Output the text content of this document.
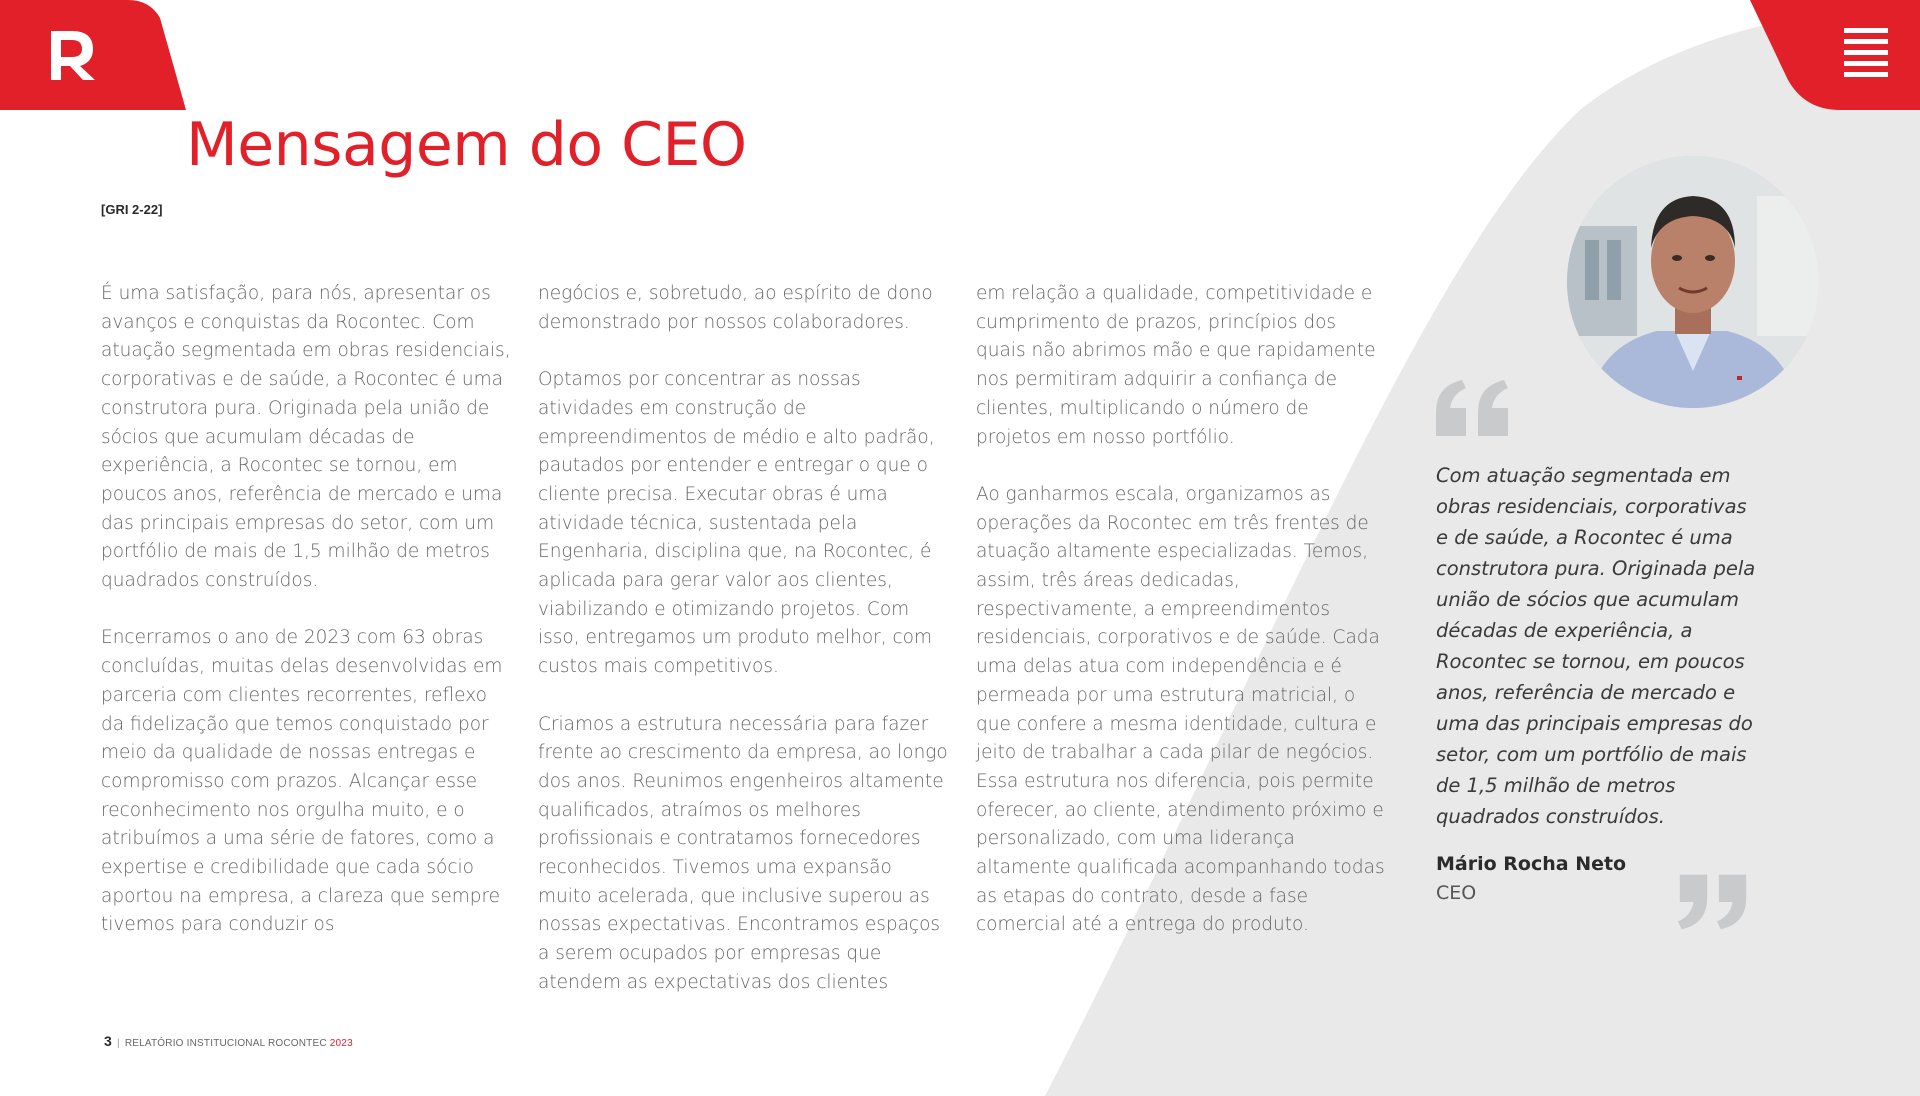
Mensagem do CEO
[GRI 2-22]

É uma satisfação, para nós, apresentar os avanços e conquistas da Rocontec. Com atuação segmentada em obras residenciais, corporativas e de saúde, a Rocontec é uma construtora pura. Originada pela união de sócios que acumulam décadas de experiência, a Rocontec se tornou, em poucos anos, referência de mercado e uma das principais empresas do setor, com um portfólio de mais de 1,5 milhão de metros quadrados construídos.

Encerramos o ano de 2023 com 63 obras concluídas, muitas delas desenvolvidas em parceria com clientes recorrentes, reflexo da fidelização que temos conquistado por meio da qualidade de nossas entregas e compromisso com prazos. Alcançar esse reconhecimento nos orgulha muito, e o atribuímos a uma série de fatores, como a expertise e credibilidade que cada sócio aportou na empresa, a clareza que sempre tivemos para conduzir os

negócios e, sobretudo, ao espírito de dono demonstrado por nossos colaboradores.

Optamos por concentrar as nossas atividades em construção de empreendimentos de médio e alto padrão, pautados por entender e entregar o que o cliente precisa. Executar obras é uma atividade técnica, sustentada pela Engenharia, disciplina que, na Rocontec, é aplicada para gerar valor aos clientes, viabilizando e otimizando projetos. Com isso, entregamos um produto melhor, com custos mais competitivos.

Criamos a estrutura necessária para fazer frente ao crescimento da empresa, ao longo dos anos. Reunimos engenheiros altamente qualificados, atraímos os melhores profissionais e contratamos fornecedores reconhecidos. Tivemos uma expansão muito acelerada, que inclusive superou as nossas expectativas. Encontramos espaços a serem ocupados por empresas que atendem as expectativas dos clientes

em relação a qualidade, competitividade e cumprimento de prazos, princípios dos quais não abrimos mão e que rapidamente nos permitiram adquirir a confiança de clientes, multiplicando o número de projetos em nosso portfólio.

Ao ganharmos escala, organizamos as operações da Rocontec em três frentes de atuação altamente especializadas. Temos, assim, três áreas dedicadas, respectivamente, a empreendimentos residenciais, corporativos e de saúde. Cada uma delas atua com independência e é permeada por uma estrutura matricial, o que confere a mesma identidade, cultura e jeito de trabalhar a cada pilar de negócios. Essa estrutura nos diferencia, pois permite oferecer, ao cliente, atendimento próximo e personalizado, com uma liderança altamente qualificada acompanhando todas as etapas do contrato, desde a fase comercial até a entrega do produto.

Com atuação segmentada em obras residenciais, corporativas e de saúde, a Rocontec é uma construtora pura. Originada pela união de sócios que acumulam décadas de experiência, a Rocontec se tornou, em poucos anos, referência de mercado e uma das principais empresas do setor, com um portfólio de mais de 1,5 milhão de metros quadrados construídos.

Mário Rocha Neto
CEO
3 | RELATÓRIO INSTITUCIONAL ROCONTEC 2023
